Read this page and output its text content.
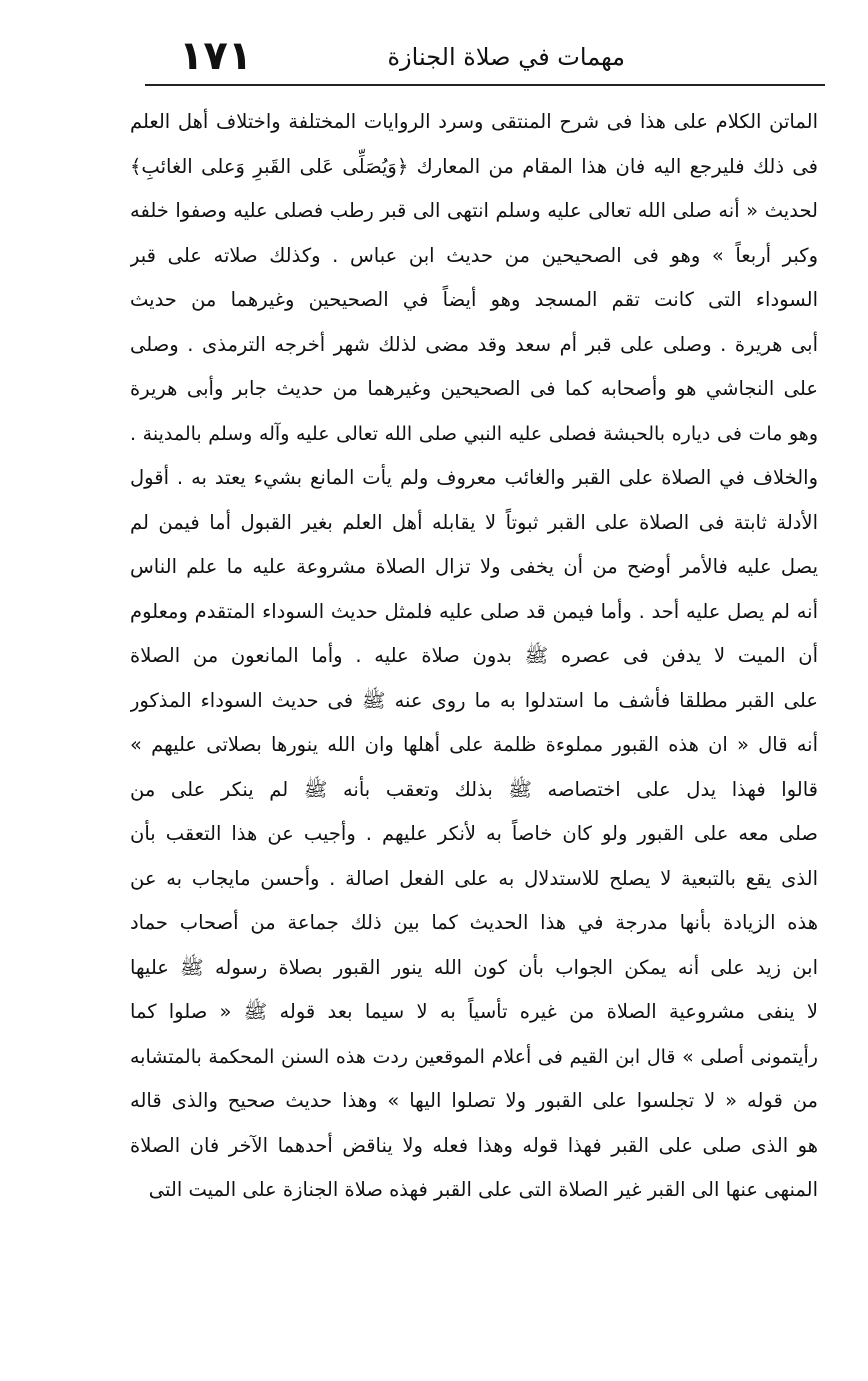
١٧١	مهمات في صلاة الجنازة
الماتن الكلام على هذا فى شرح المنتقى وسرد الروايات المختلفة واختلاف أهل العلم
فى ذلك فليرجع اليه فان هذا المقام من المعارك ﴿وَيُصَلِّى عَلى القَبرِ وَعلى الغائبِ﴾
لحديث « أنه صلى الله تعالى عليه وسلم انتهى الى قبر رطب فصلى عليه وصفوا خلفه
وكبر أربعاً » وهو فى الصحيحين من حديث ابن عباس . وكذلك صلاته على قبر
السوداء التى كانت تقم المسجد وهو أيضاً في الصحيحين وغيرهما من حديث
أبى هريرة . وصلى على قبر أم سعد وقد مضى لذلك شهر أخرجه الترمذى . وصلى
على النجاشي هو وأصحابه كما فى الصحيحين وغيرهما من حديث جابر وأبى هريرة
وهو مات فى دياره بالحبشة فصلى عليه النبي صلى الله تعالى عليه وآله وسلم بالمدينة .
والخلاف في الصلاة على القبر والغائب معروف ولم يأت المانع بشيء يعتد به . أقول
الأدلة ثابتة فى الصلاة على القبر ثبوتاً لا يقابله أهل العلم بغير القبول أما فيمن لم
يصل عليه فالأمر أوضح من أن يخفى ولا تزال الصلاة مشروعة عليه ما علم الناس
أنه لم يصل عليه أحد . وأما فيمن قد صلى عليه فلمثل حديث السوداء المتقدم ومعلوم
أن الميت لا يدفن فى عصره ﷺ بدون صلاة عليه . وأما المانعون من الصلاة
على القبر مطلقا فأشف ما استدلوا به ما روى عنه ﷺ فى حديث السوداء المذكور
أنه قال « ان هذه القبور مملوءة ظلمة على أهلها وان الله ينورها بصلاتى عليهم »
قالوا فهذا يدل على اختصاصه ﷺ بذلك وتعقب بأنه ﷺ لم ينكر على من
صلى معه على القبور ولو كان خاصاً به لأنكر عليهم . وأجيب عن هذا التعقب بأن
الذى يقع بالتبعية لا يصلح للاستدلال به على الفعل اصالة . وأحسن مايجاب به عن
هذه الزيادة بأنها مدرجة في هذا الحديث كما بين ذلك جماعة من أصحاب حماد
ابن زيد على أنه يمكن الجواب بأن كون الله ينور القبور بصلاة رسوله ﷺ عليها
لا ينفى مشروعية الصلاة من غيره تأسياً به لا سيما بعد قوله ﷺ « صلوا كما
رأيتمونى أصلى » قال ابن القيم فى أعلام الموقعين ردت هذه السنن المحكمة بالمتشابه
من قوله « لا تجلسوا على القبور ولا تصلوا اليها » وهذا حديث صحيح والذى قاله
هو الذى صلى على القبر فهذا قوله وهذا فعله ولا يناقض أحدهما الآخر فان الصلاة
المنهى عنها الى القبر غير الصلاة التى على القبر فهذه صلاة الجنازة على الميت التى
